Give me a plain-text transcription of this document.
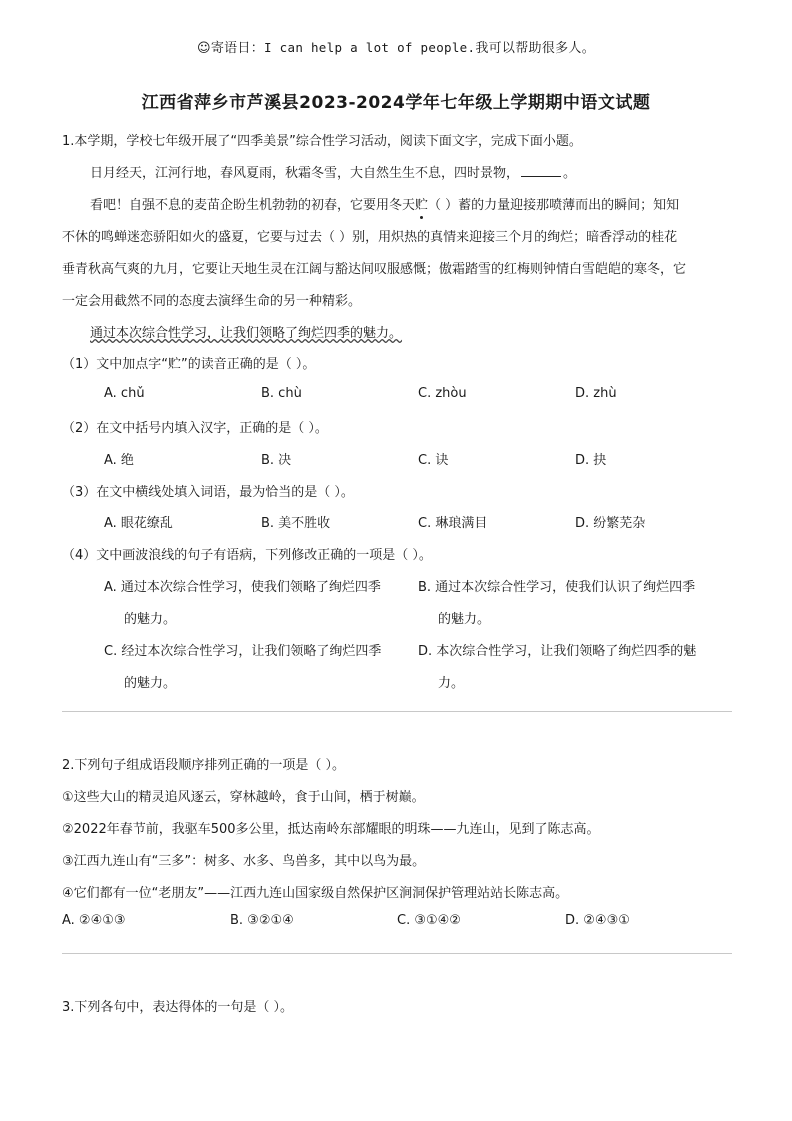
☺寄语日：I can help a lot of people.我可以帮助很多人。
江西省萍乡市芦溪县2023-2024学年七年级上学期期中语文试题
1.本学期，学校七年级开展了“四季美景”综合性学习活动，阅读下面文字，完成下面小题。
日月经天，江河行地，春风夏雨，秋霜冬雪，大自然生生不息，四时景物，	。
看吧！自强不息的麦苗企盼生机勃勃的初春，它要用冬天贮（ ）蓄的力量迎接那喷薄而出的瞬间；知知
不休的鸣蝉迷恋骄阳如火的盛夏，它要与过去（ ）别，用炽热的真情来迎接三个月的绚烂；暗香浮动的桂花
垂青秋高气爽的九月，它要让天地生灵在江阔与豁达间叹服感慨；傲霜踏雪的红梅则钟情白雪皑皑的寒冬，它
一定会用截然不同的态度去演绎生命的另一种精彩。
通过本次综合性学习，让我们领略了绚烂四季的魅力。
（1）文中加点字“贮”的读音正确的是（ ）。
A. chǔ	B. chù	C. zhòu	D. zhù
（2）在文中括号内填入汉字，正确的是（ ）。
A. 绝	B. 决	C. 诀	D. 抉
（3）在文中横线处填入词语，最为恰当的是（ ）。
A. 眼花缭乱	B. 美不胜收	C. 琳琅满目	D. 纷繁芜杂
（4）文中画波浪线的句子有语病，下列修改正确的一项是（ ）。
A. 通过本次综合性学习，使我们领略了绚烂四季
的魅力。
B. 通过本次综合性学习，使我们认识了绚烂四季
的魅力。
C. 经过本次综合性学习，让我们领略了绚烂四季
的魅力。
D. 本次综合性学习，让我们领略了绚烂四季的魅
力。
2.下列句子组成语段顺序排列正确的一项是（ ）。
①这些大山的精灵追风逐云，穿林越岭，食于山间，栖于树巅。
②2022年春节前，我驱车500多公里，抵达南岭东部耀眼的明珠——九连山，见到了陈志高。
③江西九连山有“三多”：树多、水多、鸟兽多，其中以鸟为最。
④它们都有一位“老朋友”——江西九连山国家级自然保护区涧洞保护管理站站长陈志高。
A. ②④①③	B. ③②①④	C. ③①④②	D. ②④③①
3.下列各句中，表达得体的一句是（ ）。
